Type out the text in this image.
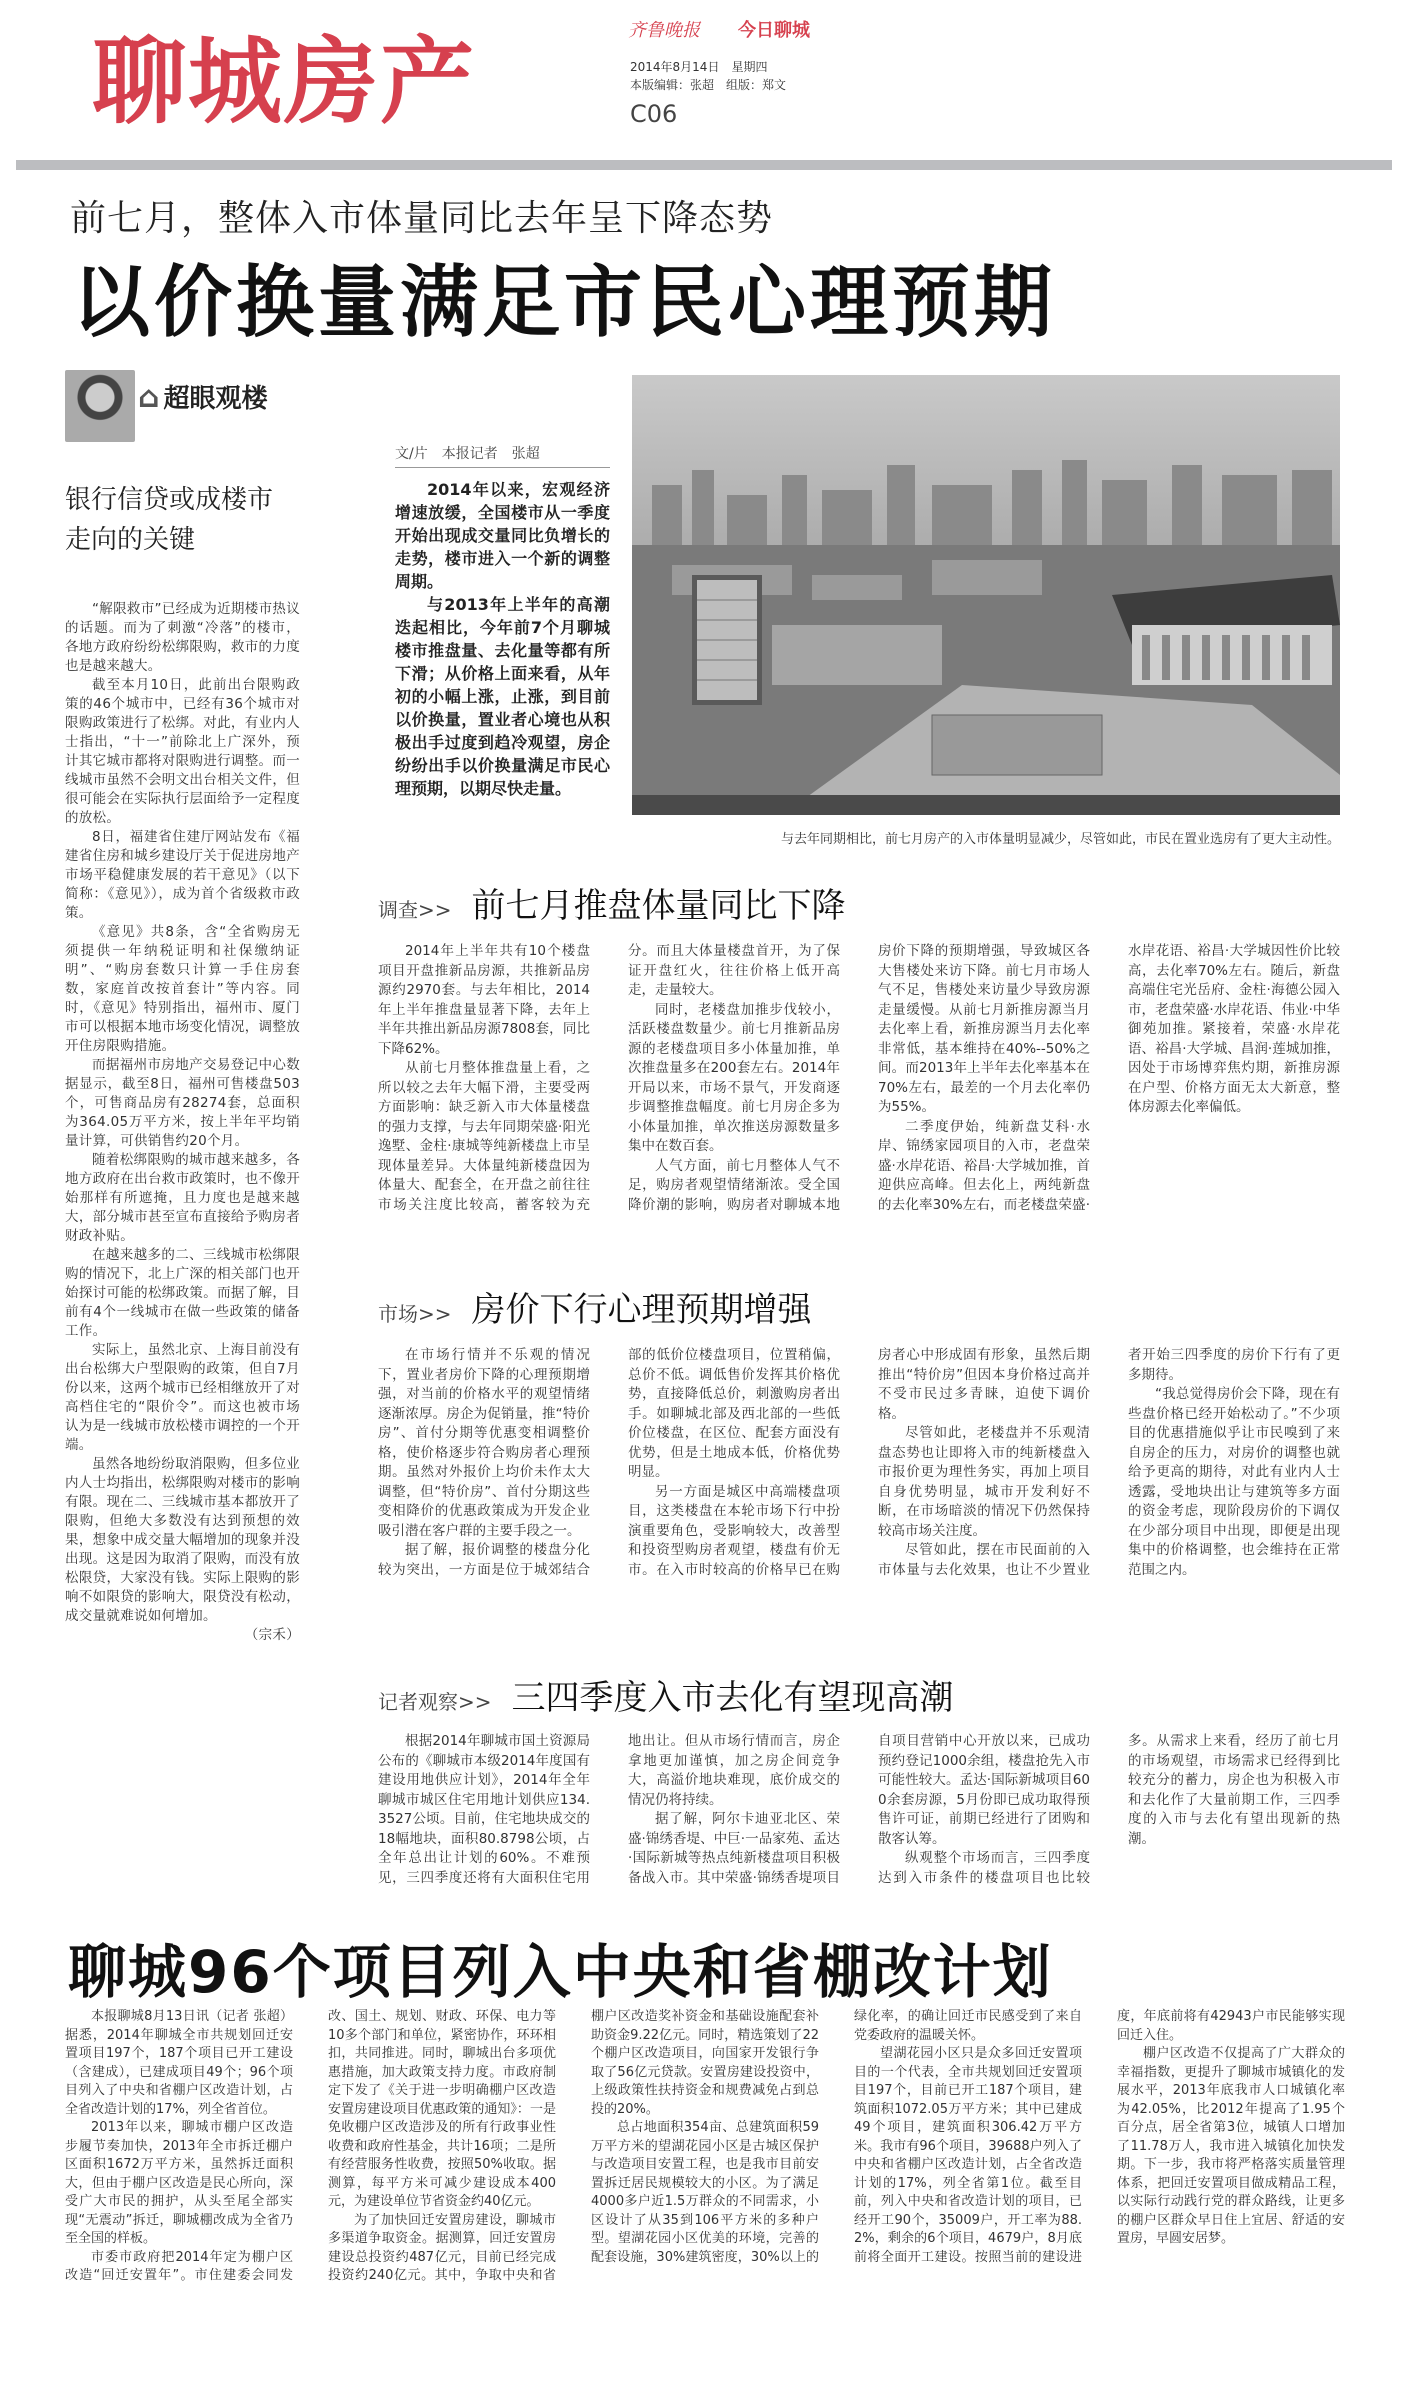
聊城房产	齐鲁晚报 今日聊城
2014年8月14日　星期四
本版编辑：张超　组版：郑文
C06
前七月，整体入市体量同比去年呈下降态势
以价换量满足市民心理预期
⌂ 超眼观楼
银行信贷或成楼市
走向的关键

“解限救市”已经成为近期楼市热议的话题。而为了刺激“冷落”的楼市，各地方政府纷纷松绑限购，救市的力度也是越来越大。

截至本月10日，此前出台限购政策的46个城市中，已经有36个城市对限购政策进行了松绑。对此，有业内人士指出，“十一”前除北上广深外，预计其它城市都将对限购进行调整。而一线城市虽然不会明文出台相关文件，但很可能会在实际执行层面给予一定程度的放松。

8日，福建省住建厅网站发布《福建省住房和城乡建设厅关于促进房地产市场平稳健康发展的若干意见》（以下简称：《意见》），成为首个省级救市政策。

《意见》共8条，含“全省购房无须提供一年纳税证明和社保缴纳证明”、“购房套数只计算一手住房套数，家庭首改按首套计”等内容。同时，《意见》特别指出，福州市、厦门市可以根据本地市场变化情况，调整放开住房限购措施。

而据福州市房地产交易登记中心数据显示，截至8日，福州可售楼盘503个，可售商品房有28274套，总面积为364.05万平方米，按上半年平均销量计算，可供销售约20个月。

随着松绑限购的城市越来越多，各地方政府在出台救市政策时，也不像开始那样有所遮掩，且力度也是越来越大，部分城市甚至宣布直接给予购房者财政补贴。

在越来越多的二、三线城市松绑限购的情况下，北上广深的相关部门也开始探讨可能的松绑政策。而据了解，目前有4个一线城市在做一些政策的储备工作。

实际上，虽然北京、上海目前没有出台松绑大户型限购的政策，但自7月份以来，这两个城市已经相继放开了对高档住宅的“限价令”。而这也被市场认为是一线城市放松楼市调控的一个开端。

虽然各地纷纷取消限购，但多位业内人士均指出，松绑限购对楼市的影响有限。现在二、三线城市基本都放开了限购，但绝大多数没有达到预想的效果，想象中成交量大幅增加的现象并没出现。这是因为取消了限购，而没有放松限贷，大家没有钱。实际上限购的影响不如限贷的影响大，限贷没有松动，成交量就难说如何增加。

（宗禾）
文/片　本报记者　张超

2014年以来，宏观经济增速放缓，全国楼市从一季度开始出现成交量同比负增长的走势，楼市进入一个新的调整周期。

与2013年上半年的高潮迭起相比，今年前7个月聊城楼市推盘量、去化量等都有所下滑；从价格上面来看，从年初的小幅上涨，止涨，到目前以价换量，置业者心境也从积极出手过度到趋冷观望，房企纷纷出手以价换量满足市民心理预期，以期尽快走量。

与去年同期相比，前七月房产的入市体量明显减少，尽管如此，市民在置业选房有了更大主动性。
调查>> 前七月推盘体量同比下降

2014年上半年共有10个楼盘项目开盘推新品房源，共推新品房源约2970套。与去年相比，2014年上半年推盘量显著下降，去年上半年共推出新品房源7808套，同比下降62%。

从前七月整体推盘量上看，之所以较之去年大幅下滑，主要受两方面影响：缺乏新入市大体量楼盘的强力支撑，与去年同期荣盛·阳光逸墅、金柱·康城等纯新楼盘上市呈现体量差异。大体量纯新楼盘因为体量大、配套全，在开盘之前往往市场关注度比较高，蓄客较为充分。而且大体量楼盘首开，为了保证开盘红火，往往价格上低开高走，走量较大。

同时，老楼盘加推步伐较小，活跃楼盘数量少。前七月推新品房源的老楼盘项目多小体量加推，单次推盘量多在200套左右。2014年开局以来，市场不景气，开发商逐步调整推盘幅度。前七月房企多为小体量加推，单次推送房源数量多集中在数百套。

人气方面，前七月整体人气不足，购房者观望情绪渐浓。受全国降价潮的影响，购房者对聊城本地房价下降的预期增强，导致城区各大售楼处来访下降。前七月市场人气不足，售楼处来访量少导致房源走量缓慢。从前七月新推房源当月去化率上看，新推房源当月去化率非常低，基本维持在40%--50%之间。而2013年上半年去化率基本在70%左右，最差的一个月去化率仍为55%。

二季度伊始，纯新盘艾科·水岸、锦绣家园项目的入市，老盘荣盛·水岸花语、裕昌·大学城加推，首迎供应高峰。但去化上，两纯新盘的去化率30%左右，而老楼盘荣盛·水岸花语、裕昌·大学城因性价比较高，去化率70%左右。随后，新盘高端住宅光岳府、金柱·海德公园入市，老盘荣盛·水岸花语、伟业·中华御苑加推。紧接着，荣盛·水岸花语、裕昌·大学城、昌润·莲城加推，因处于市场博弈焦灼期，新推房源在户型、价格方面无太大新意，整体房源去化率偏低。

市场>> 房价下行心理预期增强

在市场行情并不乐观的情况下，置业者房价下降的心理预期增强，对当前的价格水平的观望情绪逐渐浓厚。房企为促销量，推“特价房”、首付分期等优惠变相调整价格，使价格逐步符合购房者心理预期。虽然对外报价上均价未作太大调整，但“特价房”、首付分期这些变相降价的优惠政策成为开发企业吸引潜在客户群的主要手段之一。

据了解，报价调整的楼盘分化较为突出，一方面是位于城郊结合部的低价位楼盘项目，位置稍偏，总价不低。调低售价发挥其价格优势，直接降低总价，刺激购房者出手。如聊城北部及西北部的一些低价位楼盘，在区位、配套方面没有优势，但是土地成本低，价格优势明显。

另一方面是城区中高端楼盘项目，这类楼盘在本轮市场下行中扮演重要角色，受影响较大，改善型和投资型购房者观望，楼盘有价无市。在入市时较高的价格早已在购房者心中形成固有形象，虽然后期推出“特价房”但因本身价格过高并不受市民过多青睐，迫使下调价格。

尽管如此，老楼盘并不乐观清盘态势也让即将入市的纯新楼盘入市报价更为理性务实，再加上项目自身优势明显，城市开发利好不断，在市场暗淡的情况下仍然保持较高市场关注度。

尽管如此，摆在市民面前的入市体量与去化效果，也让不少置业者开始三四季度的房价下行有了更多期待。

“我总觉得房价会下降，现在有些盘价格已经开始松动了。”不少项目的优惠措施似乎让市民嗅到了来自房企的压力，对房价的调整也就给予更高的期待，对此有业内人士透露，受地块出让与建筑等多方面的资金考虑，现阶段房价的下调仅在少部分项目中出现，即便是出现集中的价格调整，也会维持在正常范围之内。

记者观察>> 三四季度入市去化有望现高潮

根据2014年聊城市国土资源局公布的《聊城市本级2014年度国有建设用地供应计划》，2014年全年聊城市城区住宅用地计划供应134.3527公顷。目前，住宅地块成交的18幅地块，面积80.8798公顷，占全年总出让计划的60%。不难预见，三四季度还将有大面积住宅用地出让。但从市场行情而言，房企拿地更加谨慎，加之房企间竞争大，高溢价地块难现，底价成交的情况仍将持续。

据了解，阿尔卡迪亚北区、荣盛·锦绣香堤、中巨·一品家苑、孟达·国际新城等热点纯新楼盘项目积极备战入市。其中荣盛·锦绣香堤项目自项目营销中心开放以来，已成功预约登记1000余组，楼盘抢先入市可能性较大。孟达·国际新城项目600余套房源，5月份即已成功取得预售许可证，前期已经进行了团购和散客认筹。

纵观整个市场而言，三四季度达到入市条件的楼盘项目也比较多。从需求上来看，经历了前七月的市场观望，市场需求已经得到比较充分的蓄力，房企也为积极入市和去化作了大量前期工作，三四季度的入市与去化有望出现新的热潮。

聊城96个项目列入中央和省棚改计划

本报聊城8月13日讯（记者 张超） 据悉，2014年聊城全市共规划回迁安置项目197个，187个项目已开工建设（含建成），已建成项目49个；96个项目列入了中央和省棚户区改造计划，占全省改造计划的17%，列全省首位。

2013年以来，聊城市棚户区改造步履节奏加快，2013年全市拆迁棚户区面积1672万平方米，虽然拆迁面积大，但由于棚户区改造是民心所向，深受广大市民的拥护，从头至尾全部实现“无震动”拆迁，聊城棚改成为全省乃至全国的样板。

市委市政府把2014年定为棚户区改造“回迁安置年”。市住建委会同发改、国土、规划、财政、环保、电力等10多个部门和单位，紧密协作，环环相扣，共同推进。同时，聊城出台多项优惠措施，加大政策支持力度。市政府制定下发了《关于进一步明确棚户区改造安置房建设项目优惠政策的通知》：一是免收棚户区改造涉及的所有行政事业性收费和政府性基金，共计16项；二是所有经营服务性收费，按照50%收取。据测算，每平方米可减少建设成本400元，为建设单位节省资金约40亿元。

为了加快回迁安置房建设，聊城市多渠道争取资金。据测算，回迁安置房建设总投资约487亿元，目前已经完成投资约240亿元。其中，争取中央和省棚户区改造奖补资金和基础设施配套补助资金9.22亿元。同时，精选策划了22个棚户区改造项目，向国家开发银行争取了56亿元贷款。安置房建设投资中，上级政策性扶持资金和规费减免占到总投的20%。

总占地面积354亩、总建筑面积59万平方米的望湖花园小区是古城区保护与改造项目安置工程，也是我市目前安置拆迁居民规模较大的小区。为了满足4000多户近1.5万群众的不同需求，小区设计了从35到106平方米的多种户型。望湖花园小区优美的环境，完善的配套设施，30%建筑密度，30%以上的绿化率，的确让回迁市民感受到了来自党委政府的温暖关怀。

望湖花园小区只是众多回迁安置项目的一个代表，全市共规划回迁安置项目197个，目前已开工187个项目，建筑面积1072.05万平方米；其中已建成49个项目，建筑面积306.42万平方米。我市有96个项目，39688户列入了中央和省棚户区改造计划，占全省改造计划的17%，列全省第1位。截至目前，列入中央和省改造计划的项目，已经开工90个，35009户，开工率为88.2%，剩余的6个项目，4679户，8月底前将全面开工建设。按照当前的建设进度，年底前将有42943户市民能够实现回迁入住。

棚户区改造不仅提高了广大群众的幸福指数，更提升了聊城市城镇化的发展水平，2013年底我市人口城镇化率为42.05%，比2012年提高了1.95个百分点，居全省第3位，城镇人口增加了11.78万人，我市进入城镇化加快发期。下一步，我市将严格落实质量管理体系，把回迁安置项目做成精品工程，以实际行动践行党的群众路线，让更多的棚户区群众早日住上宜居、舒适的安置房，早圆安居梦。
